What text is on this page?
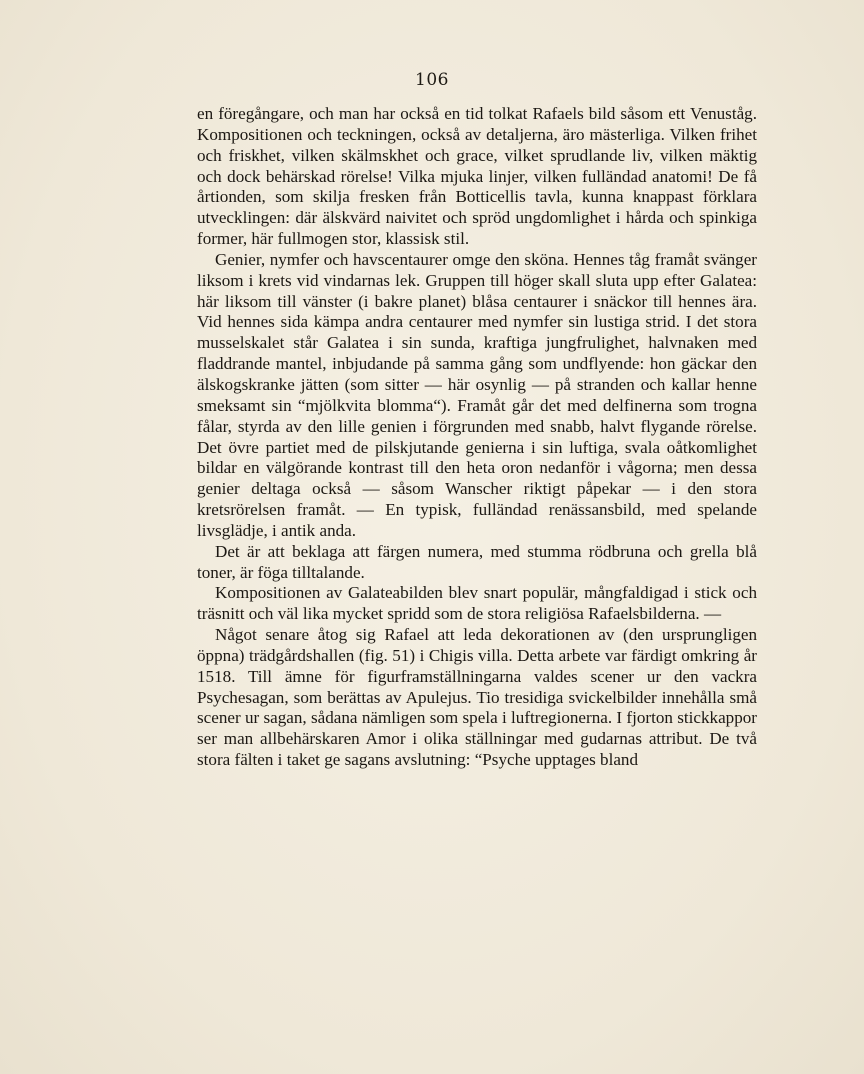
106

en föregångare, och man har också en tid tolkat Rafaels bild såsom ett Venuståg. Kompositionen och teckningen, också av detaljerna, äro mästerliga. Vilken frihet och friskhet, vilken skälmskhet och grace, vilket sprudlande liv, vilken mäktig och dock behärskad rörelse! Vilka mjuka linjer, vilken fulländad anatomi! De få årtionden, som skilja fresken från Botticellis tavla, kunna knappast förklara utvecklingen: där älskvärd naivitet och spröd ungdomlighet i hårda och spinkiga former, här fullmogen stor, klassisk stil.

Genier, nymfer och havscentaurer omge den sköna. Hennes tåg framåt svänger liksom i krets vid vindarnas lek. Gruppen till höger skall sluta upp efter Galatea: här liksom till vänster (i bakre planet) blåsa centaurer i snäckor till hennes ära. Vid hennes sida kämpa andra centaurer med nymfer sin lustiga strid. I det stora musselskalet står Galatea i sin sunda, kraftiga jungfrulighet, halvnaken med fladdrande mantel, inbjudande på samma gång som undflyende: hon gäckar den älskogskranke jätten (som sitter — här osynlig — på stranden och kallar henne smeksamt sin “mjölkvita blomma“). Framåt går det med delfinerna som trogna fålar, styrda av den lille genien i förgrunden med snabb, halvt flygande rörelse. Det övre partiet med de pilskjutande genierna i sin luftiga, svala oåtkomlighet bildar en välgörande kontrast till den heta oron nedanför i vågorna; men dessa genier deltaga också — såsom Wanscher riktigt påpekar — i den stora kretsrörelsen framåt. — En typisk, fulländad renässansbild, med spelande livsglädje, i antik anda.

Det är att beklaga att färgen numera, med stumma rödbruna och grella blå toner, är föga tilltalande.

Kompositionen av Galateabilden blev snart populär, mångfaldigad i stick och träsnitt och väl lika mycket spridd som de stora religiösa Rafaelsbilderna. —

Något senare åtog sig Rafael att leda dekorationen av (den ursprungligen öppna) trädgårdshallen (fig. 51) i Chigis villa. Detta arbete var färdigt omkring år 1518. Till ämne för figurframställningarna valdes scener ur den vackra Psychesagan, som berättas av Apulejus. Tio tresidiga svickelbilder innehålla små scener ur sagan, sådana nämligen som spela i luftregionerna. I fjorton stickkappor ser man allbehärskaren Amor i olika ställningar med gudarnas attribut. De två stora fälten i taket ge sagans avslutning: “Psyche upptages bland
